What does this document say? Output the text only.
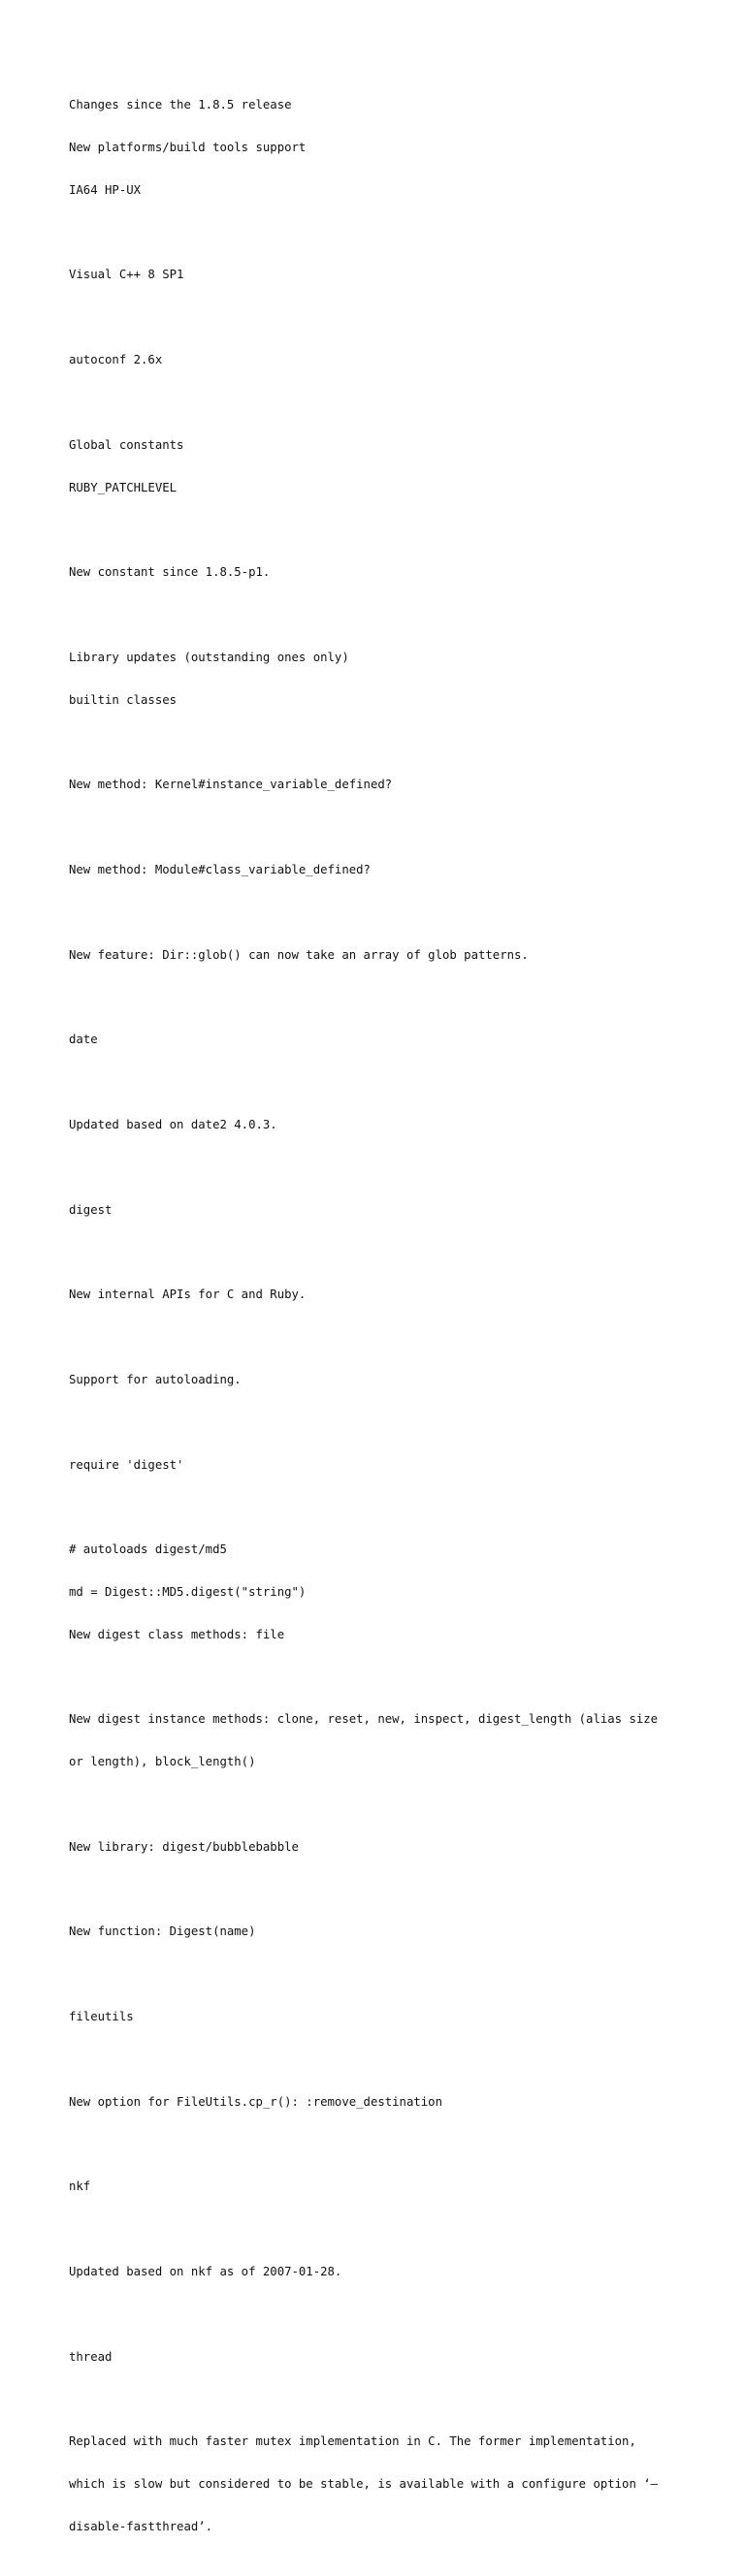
Changes since the 1.8.5 release

New platforms/build tools support

IA64 HP-UX

Visual C++ 8 SP1

autoconf 2.6x

Global constants

RUBY_PATCHLEVEL

New constant since 1.8.5-p1.

Library updates (outstanding ones only)

builtin classes

New method: Kernel#instance_variable_defined?

New method: Module#class_variable_defined?

New feature: Dir::glob() can now take an array of glob patterns.

date

Updated based on date2 4.0.3.

digest

New internal APIs for C and Ruby.

Support for autoloading.

require 'digest'

# autoloads digest/md5

md = Digest::MD5.digest("string")

New digest class methods: file

New digest instance methods: clone, reset, new, inspect, digest_length (alias size

or length), block_length()

New library: digest/bubblebabble

New function: Digest(name)

fileutils

New option for FileUtils.cp_r(): :remove_destination

nkf

Updated based on nkf as of 2007-01-28.

thread

Replaced with much faster mutex implementation in C. The former implementation,

which is slow but considered to be stable, is available with a configure option ‘–

disable-fastthread’.
